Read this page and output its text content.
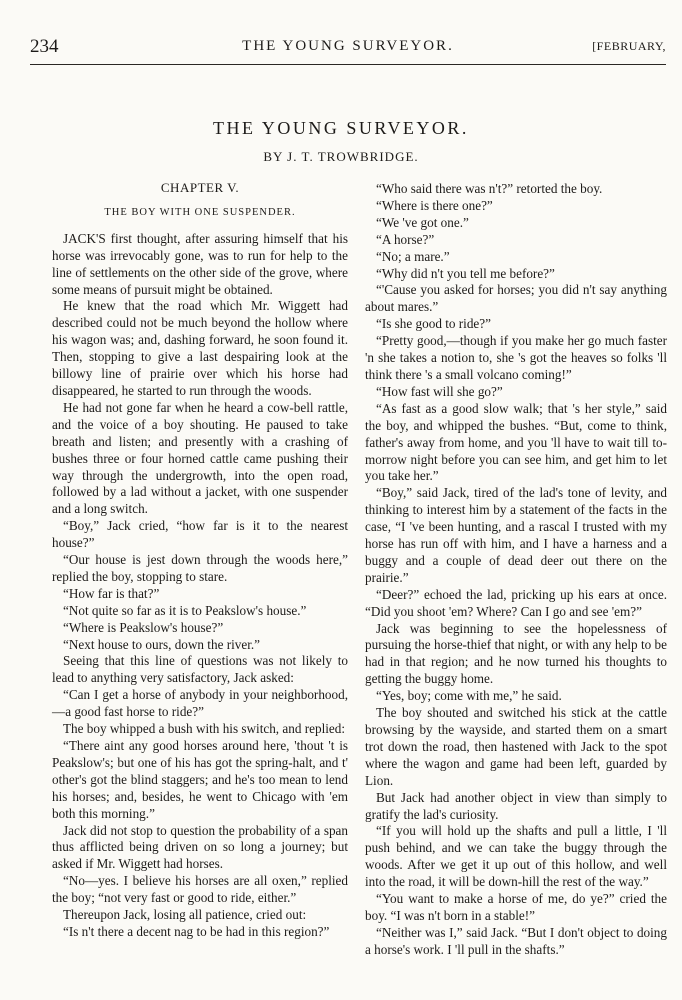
234	THE YOUNG SURVEYOR.	[FEBRUARY,
THE YOUNG SURVEYOR.
BY J. T. TROWBRIDGE.
CHAPTER V.
THE BOY WITH ONE SUSPENDER.

JACK'S first thought, after assuring himself that his horse was irrevocably gone, was to run for help to the line of settlements on the other side of the grove, where some means of pursuit might be obtained.

He knew that the road which Mr. Wiggett had described could not be much beyond the hollow where his wagon was; and, dashing forward, he soon found it. Then, stopping to give a last despairing look at the billowy line of prairie over which his horse had disappeared, he started to run through the woods.

He had not gone far when he heard a cow-bell rattle, and the voice of a boy shouting. He paused to take breath and listen; and presently with a crashing of bushes three or four horned cattle came pushing their way through the undergrowth, into the open road, followed by a lad without a jacket, with one suspender and a long switch.

“Boy,” Jack cried, “how far is it to the nearest house?”

“Our house is jest down through the woods here,” replied the boy, stopping to stare.

“How far is that?”

“Not quite so far as it is to Peakslow's house.”

“Where is Peakslow's house?”

“Next house to ours, down the river.”

Seeing that this line of questions was not likely to lead to anything very satisfactory, Jack asked:

“Can I get a horse of anybody in your neighborhood,—a good fast horse to ride?”

The boy whipped a bush with his switch, and replied:

“There aint any good horses around here, 'thout 't is Peakslow's; but one of his has got the spring-halt, and t' other's got the blind staggers; and he's too mean to lend his horses; and, besides, he went to Chicago with 'em both this morning.”

Jack did not stop to question the probability of a span thus afflicted being driven on so long a journey; but asked if Mr. Wiggett had horses.

“No—yes. I believe his horses are all oxen,” replied the boy; “not very fast or good to ride, either.”

Thereupon Jack, losing all patience, cried out:

“Is n't there a decent nag to be had in this region?”

“Who said there was n't?” retorted the boy.

“Where is there one?”

“We 've got one.”

“A horse?”

“No; a mare.”

“Why did n't you tell me before?”

“'Cause you asked for horses; you did n't say anything about mares.”

“Is she good to ride?”

“Pretty good,—though if you make her go much faster 'n she takes a notion to, she 's got the heaves so folks 'll think there 's a small volcano coming!”

“How fast will she go?”

“As fast as a good slow walk; that 's her style,” said the boy, and whipped the bushes. “But, come to think, father's away from home, and you 'll have to wait till to-morrow night before you can see him, and get him to let you take her.”

“Boy,” said Jack, tired of the lad's tone of levity, and thinking to interest him by a statement of the facts in the case, “I 've been hunting, and a rascal I trusted with my horse has run off with him, and I have a harness and a buggy and a couple of dead deer out there on the prairie.”

“Deer?” echoed the lad, pricking up his ears at once. “Did you shoot 'em? Where? Can I go and see 'em?”

Jack was beginning to see the hopelessness of pursuing the horse-thief that night, or with any help to be had in that region; and he now turned his thoughts to getting the buggy home.

“Yes, boy; come with me,” he said.

The boy shouted and switched his stick at the cattle browsing by the wayside, and started them on a smart trot down the road, then hastened with Jack to the spot where the wagon and game had been left, guarded by Lion.

But Jack had another object in view than simply to gratify the lad's curiosity.

“If you will hold up the shafts and pull a little, I 'll push behind, and we can take the buggy through the woods. After we get it up out of this hollow, and well into the road, it will be down-hill the rest of the way.”

“You want to make a horse of me, do ye?” cried the boy. “I was n't born in a stable!”

“Neither was I,” said Jack. “But I don't object to doing a horse's work. I 'll pull in the shafts.”
